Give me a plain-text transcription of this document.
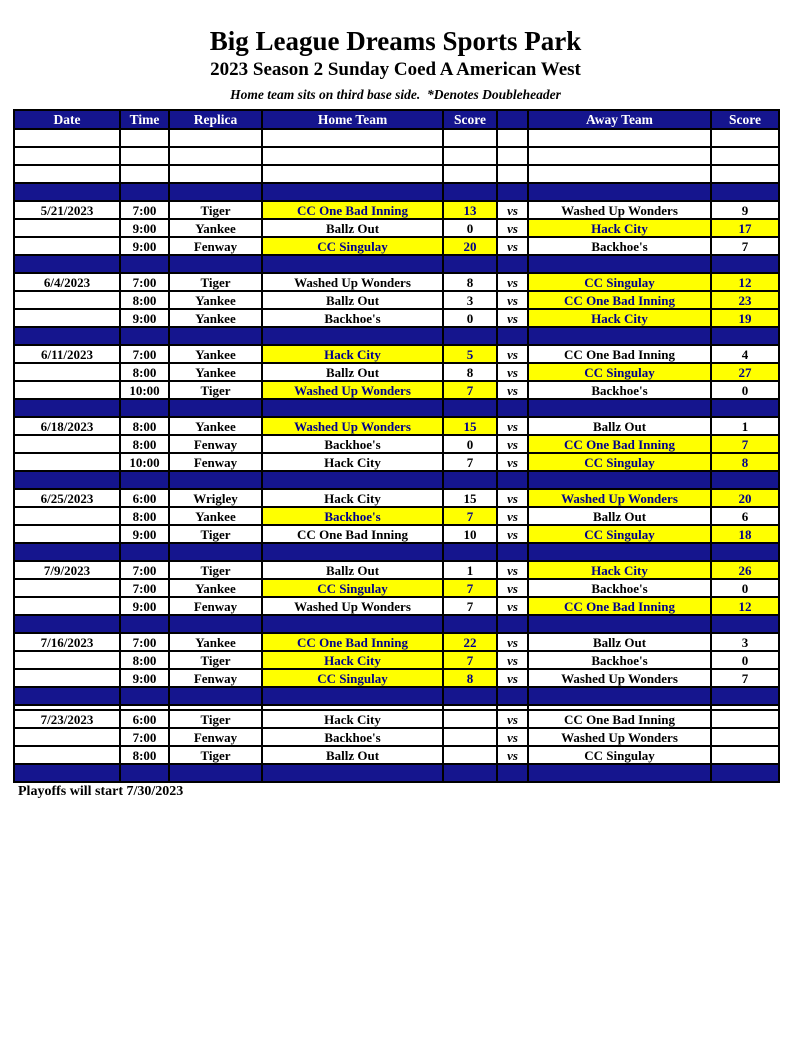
Big League Dreams Sports Park
2023 Season 2 Sunday Coed A American West
Home team sits on third base side.  *Denotes Doubleheader
Date	Time	Replica	Home Team	Score		Away Team	Score

5/21/2023	7:00	Tiger	CC One Bad Inning	13	vs	Washed Up Wonders	9
	9:00	Yankee	Ballz Out	0	vs	Hack City	17
	9:00	Fenway	CC Singulay	20	vs	Backhoe's	7

6/4/2023	7:00	Tiger	Washed Up Wonders	8	vs	CC Singulay	12
	8:00	Yankee	Ballz Out	3	vs	CC One Bad Inning	23
	9:00	Yankee	Backhoe's	0	vs	Hack City	19

6/11/2023	7:00	Yankee	Hack City	5	vs	CC One Bad Inning	4
	8:00	Yankee	Ballz Out	8	vs	CC Singulay	27
	10:00	Tiger	Washed Up Wonders	7	vs	Backhoe's	0

6/18/2023	8:00	Yankee	Washed Up Wonders	15	vs	Ballz Out	1
	8:00	Fenway	Backhoe's	0	vs	CC One Bad Inning	7
	10:00	Fenway	Hack City	7	vs	CC Singulay	8

6/25/2023	6:00	Wrigley	Hack City	15	vs	Washed Up Wonders	20
	8:00	Yankee	Backhoe's	7	vs	Ballz Out	6
	9:00	Tiger	CC One Bad Inning	10	vs	CC Singulay	18

7/9/2023	7:00	Tiger	Ballz Out	1	vs	Hack City	26
	7:00	Yankee	CC Singulay	7	vs	Backhoe's	0
	9:00	Fenway	Washed Up Wonders	7	vs	CC One Bad Inning	12

7/16/2023	7:00	Yankee	CC One Bad Inning	22	vs	Ballz Out	3
	8:00	Tiger	Hack City	7	vs	Backhoe's	0
	9:00	Fenway	CC Singulay	8	vs	Washed Up Wonders	7

7/23/2023	6:00	Tiger	Hack City		vs	CC One Bad Inning	
	7:00	Fenway	Backhoe's		vs	Washed Up Wonders	
	8:00	Tiger	Ballz Out		vs	CC Singulay	

Playoffs will start 7/30/2023
